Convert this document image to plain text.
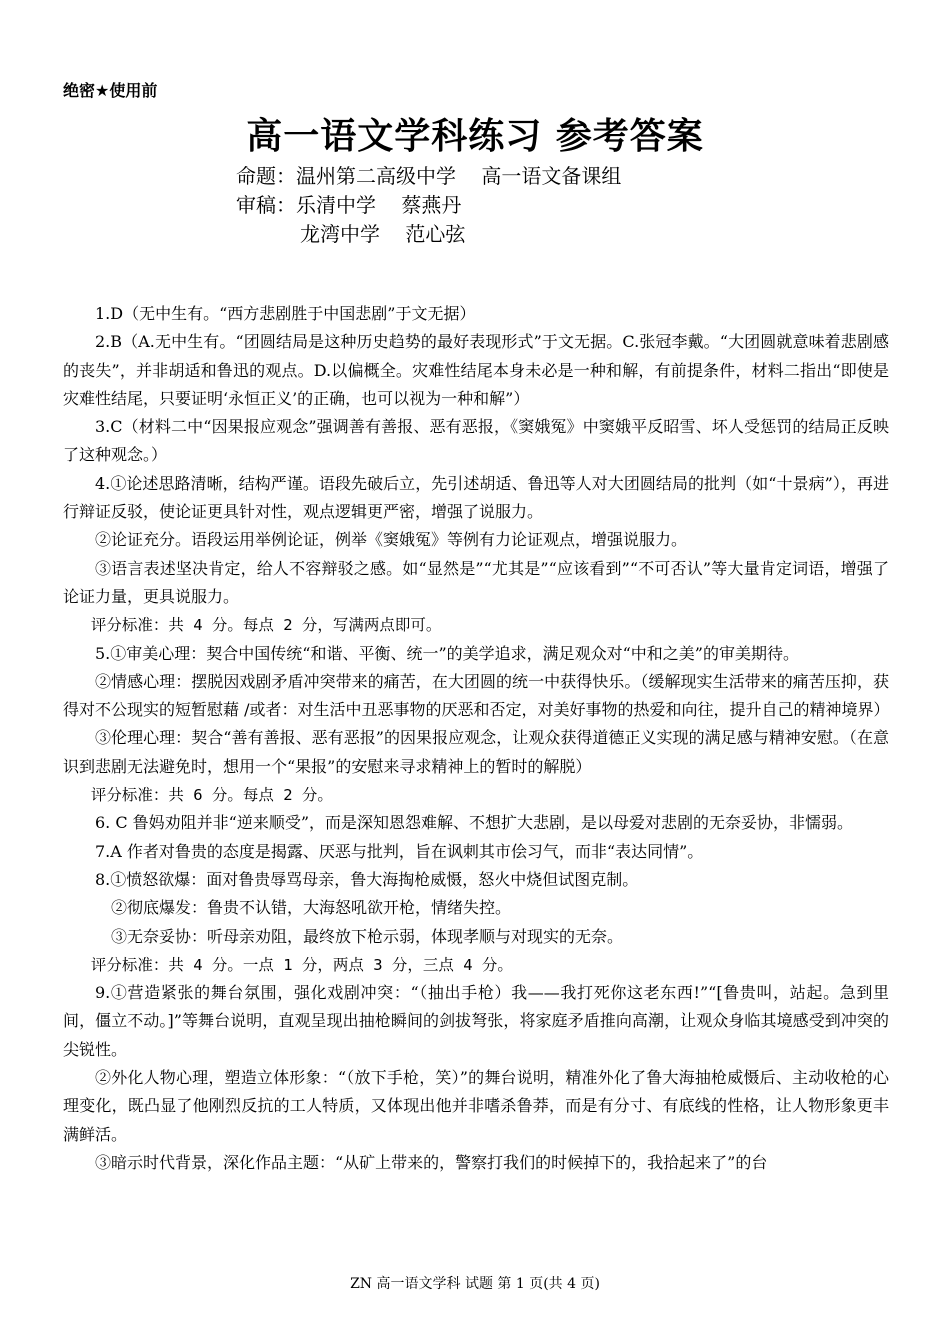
绝密★使用前
高一语文学科练习 参考答案
命题：温州第二高级中学    高一语文备课组
审稿：乐清中学    蔡燕丹
龙湾中学    范心弦

1.D（无中生有。“西方悲剧胜于中国悲剧”于文无据）

2.B（A.无中生有。“团圆结局是这种历史趋势的最好表现形式”于文无据。C.张冠李戴。“大团圆就意味着悲剧感的丧失”，并非胡适和鲁迅的观点。D.以偏概全。灾难性结尾本身未必是一种和解，有前提条件，材料二指出“即使是灾难性结尾，只要证明‘永恒正义’的正确，也可以视为一种和解”）

3.C（材料二中“因果报应观念”强调善有善报、恶有恶报，《窦娥冤》中窦娥平反昭雪、坏人受惩罚的结局正反映了这种观念。）

4.①论述思路清晰，结构严谨。语段先破后立，先引述胡适、鲁迅等人对大团圆结局的批判（如“十景病”），再进行辩证反驳，使论证更具针对性，观点逻辑更严密，增强了说服力。

②论证充分。语段运用举例论证，例举《窦娥冤》等例有力论证观点，增强说服力。

③语言表述坚决肯定，给人不容辩驳之感。如“显然是”“尤其是”“应该看到”“不可否认”等大量肯定词语，增强了论证力量，更具说服力。

评分标准：共 4 分。每点 2 分，写满两点即可。

5.①审美心理：契合中国传统“和谐、平衡、统一”的美学追求，满足观众对“中和之美”的审美期待。

②情感心理：摆脱因戏剧矛盾冲突带来的痛苦，在大团圆的统一中获得快乐。（缓解现实生活带来的痛苦压抑，获得对不公现实的短暂慰藉 /或者：对生活中丑恶事物的厌恶和否定，对美好事物的热爱和向往，提升自己的精神境界）

③伦理心理：契合“善有善报、恶有恶报”的因果报应观念，让观众获得道德正义实现的满足感与精神安慰。（在意识到悲剧无法避免时，想用一个“果报”的安慰来寻求精神上的暂时的解脱）

评分标准：共 6 分。每点 2 分。

6. C 鲁妈劝阻并非“逆来顺受”，而是深知恩怨难解、不想扩大悲剧，是以母爱对悲剧的无奈妥协，非懦弱。

7.A 作者对鲁贵的态度是揭露、厌恶与批判，旨在讽刺其市侩习气，而非“表达同情”。

8.①愤怒欲爆：面对鲁贵辱骂母亲，鲁大海掏枪威慑，怒火中烧但试图克制。

②彻底爆发：鲁贵不认错，大海怒吼欲开枪，情绪失控。

③无奈妥协：听母亲劝阻，最终放下枪示弱，体现孝顺与对现实的无奈。

评分标准：共 4 分。一点 1 分，两点 3 分，三点 4 分。

9.①营造紧张的舞台氛围，强化戏剧冲突：“（抽出手枪）我——我打死你这老东西!”“[鲁贵叫，站起。急到里间，僵立不动。]”等舞台说明，直观呈现出抽枪瞬间的剑拔弩张，将家庭矛盾推向高潮，让观众身临其境感受到冲突的尖锐性。

②外化人物心理，塑造立体形象：“（放下手枪，笑）”的舞台说明，精准外化了鲁大海抽枪威慑后、主动收枪的心理变化，既凸显了他刚烈反抗的工人特质，又体现出他并非嗜杀鲁莽，而是有分寸、有底线的性格，让人物形象更丰满鲜活。

③暗示时代背景，深化作品主题：“从矿上带来的，警察打我们的时候掉下的，我拾起来了”的台

ZN 高一语文学科 试题 第 1 页(共 4 页)
